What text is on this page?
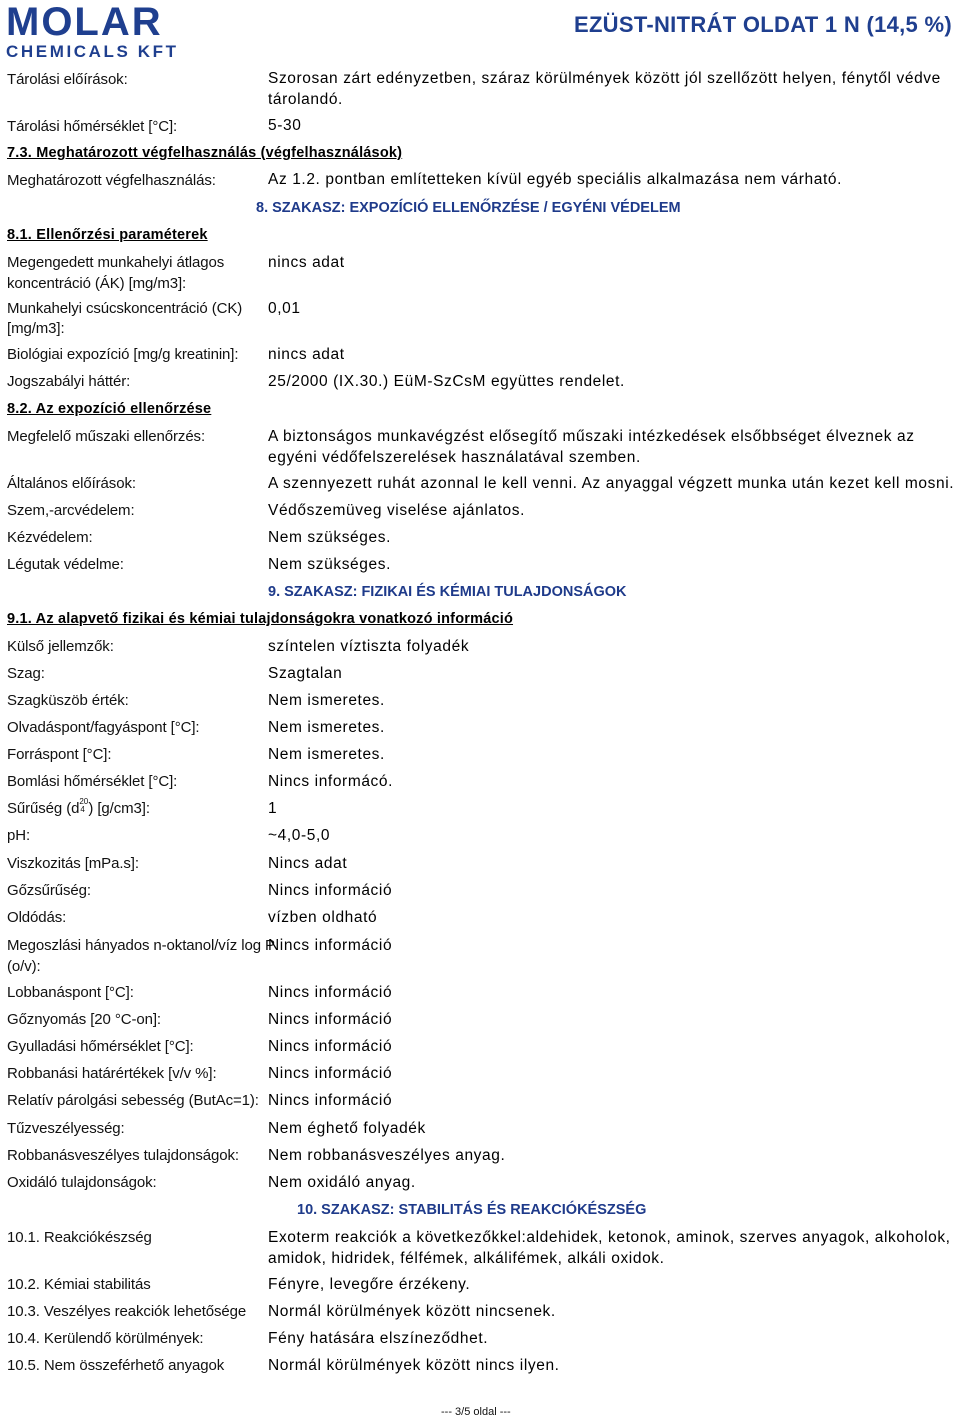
MOLAR
CHEMICALS KFT
EZÜST-NITRÁT OLDAT 1 N (14,5 %)
Tárolási előírások:	Szorosan zárt edényzetben, száraz körülmények között jól szellőzött helyen, fénytől védve
tárolandó.
Tárolási hőmérséklet [°C]:	5-30
7.3. Meghatározott végfelhasználás (végfelhasználások)
Meghatározott végfelhasználás:	Az 1.2. pontban említetteken kívül egyéb speciális alkalmazása nem várható.
8. SZAKASZ: EXPOZÍCIÓ ELLENŐRZÉSE / EGYÉNI VÉDELEM
8.1. Ellenőrzési paraméterek
Megengedett munkahelyi átlagos
koncentráció (ÁK) [mg/m3]:
nincs adat
Munkahelyi csúcskoncentráció (CK)
[mg/m3]:
0,01
Biológiai expozíció [mg/g kreatinin]: nincs adat
Jogszabályi háttér:	25/2000 (IX.30.) EüM-SzCsM együttes rendelet.
8.2. Az expozíció ellenőrzése
Megfelelő műszaki ellenőrzés:	A biztonságos munkavégzést elősegítő műszaki intézkedések elsőbbséget élveznek az
egyéni védőfelszerelések használatával szemben.
Általános előírások:	A szennyezett ruhát azonnal le kell venni. Az anyaggal végzett munka után kezet kell mosni.
Szem,-arcvédelem:	Védőszemüveg viselése ajánlatos.
Kézvédelem:	Nem szükséges.
Légutak védelme:	Nem szükséges.
9. SZAKASZ: FIZIKAI ÉS KÉMIAI TULAJDONSÁGOK
9.1. Az alapvető fizikai és kémiai tulajdonságokra vonatkozó információ
Külső jellemzők:	színtelen víztiszta folyadék
Szag:	Szagtalan
Szagküszöb érték:	Nem ismeretes.
Olvadáspont/fagyáspont [°C]:	Nem ismeretes.
Forráspont [°C]:	Nem ismeretes.
Bomlási hőmérséklet [°C]:	Nincs informácó.
Sűrűség (d 20
4 ) [g/cm3]:	1
pH:	~4,0-5,0
Viszkozitás [mPa.s]:	Nincs adat
Gőzsűrűség:	Nincs információ
Oldódás:	vízben oldható
Megoszlási hányados n-oktanol/víz log P
(o/v):
Nincs információ
Lobbanáspont [°C]:	Nincs információ
Gőznyomás [20 °C-on]:	Nincs információ
Gyulladási hőmérséklet [°C]:	Nincs információ
Robbanási határértékek [v/v %]:	Nincs információ
Relatív párolgási sebesség (ButAc=1): Nincs információ
Tűzveszélyesség:	Nem éghető folyadék
Robbanásveszélyes tulajdonságok: Nem robbanásveszélyes anyag.
Oxidáló tulajdonságok:	Nem oxidáló anyag.
10. SZAKASZ: STABILITÁS ÉS REAKCIÓKÉSZSÉG
10.1. Reakciókészség	Exoterm reakciók a következőkkel:aldehidek, ketonok, aminok, szerves anyagok, alkoholok,
amidok, hidridek, félfémek, alkálifémek, alkáli oxidok.
10.2. Kémiai stabilitás	Fényre, levegőre érzékeny.
10.3. Veszélyes reakciók lehetősége Normál körülmények között nincsenek.
10.4. Kerülendő körülmények:	Fény hatására elszíneződhet.
10.5. Nem összeférhető anyagok	Normál körülmények között nincs ilyen.
--- 3/5 oldal ---
